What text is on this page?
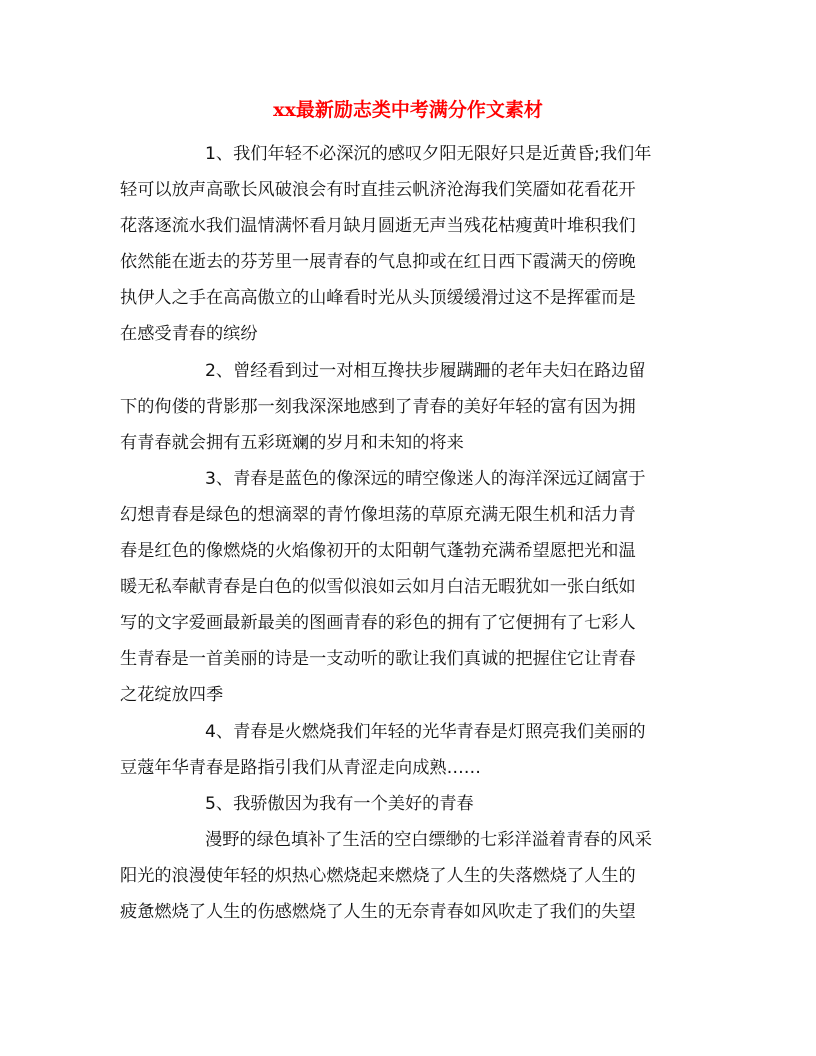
xx最新励志类中考满分作文素材
1、我们年轻不必深沉的感叹夕阳无限好只是近黄昏;我们年
轻可以放声高歌长风破浪会有时直挂云帆济沧海我们笑靥如花看花开
花落逐流水我们温情满怀看月缺月圆逝无声当残花枯瘦黄叶堆积我们
依然能在逝去的芬芳里一展青春的气息抑或在红日西下霞满天的傍晚
执伊人之手在高高傲立的山峰看时光从头顶缓缓滑过这不是挥霍而是
在感受青春的缤纷
2、曾经看到过一对相互搀扶步履蹒跚的老年夫妇在路边留
下的佝偻的背影那一刻我深深地感到了青春的美好年轻的富有因为拥
有青春就会拥有五彩斑斓的岁月和未知的将来
3、青春是蓝色的像深远的晴空像迷人的海洋深远辽阔富于
幻想青春是绿色的想滴翠的青竹像坦荡的草原充满无限生机和活力青
春是红色的像燃烧的火焰像初开的太阳朝气蓬勃充满希望愿把光和温
暖无私奉献青春是白色的似雪似浪如云如月白洁无暇犹如一张白纸如
写的文字爱画最新最美的图画青春的彩色的拥有了它便拥有了七彩人
生青春是一首美丽的诗是一支动听的歌让我们真诚的把握住它让青春
之花绽放四季
4、青春是火燃烧我们年轻的光华青春是灯照亮我们美丽的
豆蔻年华青春是路指引我们从青涩走向成熟……
5、我骄傲因为我有一个美好的青春
漫野的绿色填补了生活的空白缥缈的七彩洋溢着青春的风采
阳光的浪漫使年轻的炽热心燃烧起来燃烧了人生的失落燃烧了人生的
疲惫燃烧了人生的伤感燃烧了人生的无奈青春如风吹走了我们的失望
